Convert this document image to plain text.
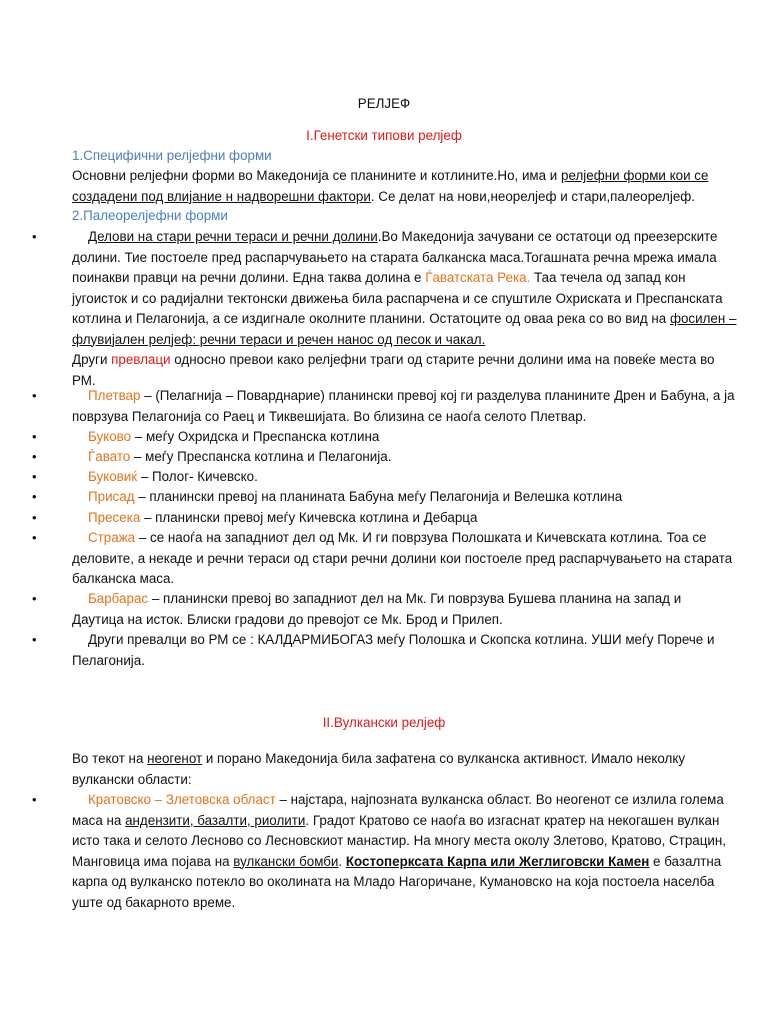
РЕЛЈЕФ
I.Генетски типови релјеф
1.Специфични релјефни форми
Основни релјефни форми во Македонија се планините и котлините.Но, има и релјефни форми кои се
создадени под влијание н надворешни фактори. Се делат на нови,неорелјеф и стари,палеорелјеф.
2.Палеорелјефни форми
•	Делови на стари речни тераси и речни долини.Во Македонија зачувани се остатоци од преезерските
долини. Тие постоеле пред распарчувањето на старата балканска маса.Тогашната речна мрежа имала
поинакви правци на речни долини. Една таква долина е Ѓаватската Река. Таа течела од запад кон
југоисток и со радијални тектонски движења била распарчена и се спуштиле Охриската и Преспанската
котлина и Пелагонија, а се издигнале околните планини. Остатоците од оваа река со во вид на фосилен –
флувијален релјеф: речни тераси и речен нанос од песок и чакал.
Други превлаци односно превои како релјефни траги од старите речни долини има на повеќе места во
РМ.
•	Плетвар – (Пелагнија – Поварднарие) планински превој кој ги разделува планините Дрен и Бабуна, а ја
поврзува Пелагонија со Раец и Тиквешијата. Во близина се наоѓа селото Плетвар.
•	Буково – меѓу Охридска и Преспанска котлина
•	Ѓавато – меѓу Преспанска котлина и Пелагонија.
•	Буковиќ – Полог- Кичевско.
•	Присад – планински превој на планината Бабуна меѓу Пелагонија и Велешка котлина
•	Пресека – планински превој меѓу Кичевска котлина и Дебарца
•	Стража – се наоѓа на западниот дел од Мк. И ги поврзува Полошката и Кичевската котлина. Тоа се
деловите, а некаде и речни тераси од стари речни долини кои постоеле пред распарчувањето на старата
балканска маса.
•	Барбарас – планински превој во западниот дел на Мк. Ги поврзува Бушева планина на запад и
Даутица на исток. Блиски градови до превојот се Мк. Брод и Прилеп.
•	Други превалци во РМ се : КАЛДАРМИБОГАЗ меѓу Полошка и Скопска котлина. УШИ меѓу Порече и
Пелагонија.
II.Вулкански релјеф
Во текот на неогенот и порано Македонија била зафатена со вулканска активност. Имало неколку
вулкански области:
•	Кратовско – Злетовска област – најстара, најпозната вулканска област. Во неогенот се излила голема
маса на андензити, базалти, риолити. Градот Кратово се наоѓа во изгаснат кратер на некогашен вулкан
исто така и селото Лесново со Лесновскиот манастир. На многу места околу Злетово, Кратово, Страцин,
Манговица има појава на вулкански бомби. Костоперксата Карпа или Жеглиговски Камен е базалтна
карпа од вулканско потекло во околината на Младо Нагоричане, Кумановско на која постоела населба
уште од бакарното време.
